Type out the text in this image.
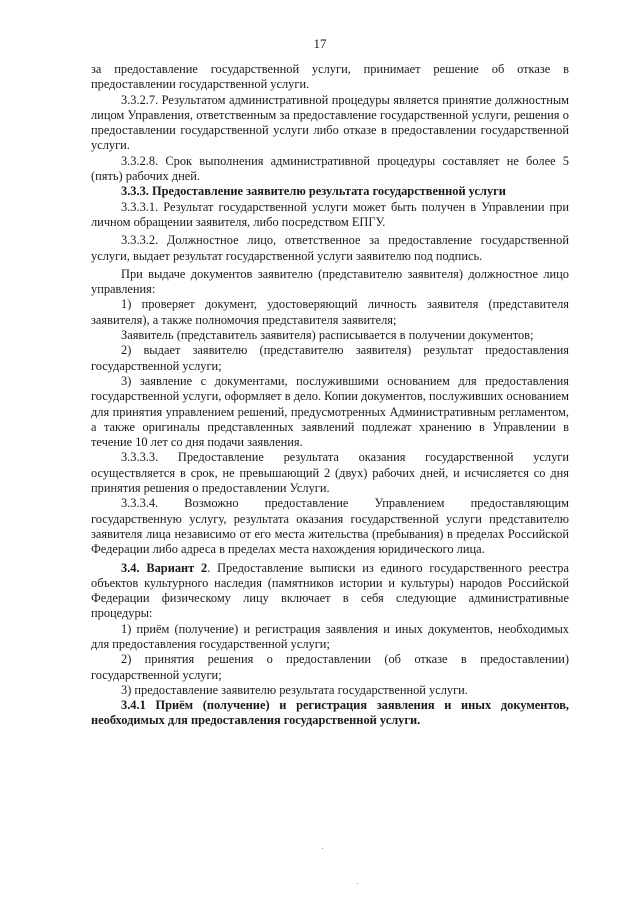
17

за предоставление государственной услуги, принимает решение об отказе в предоставлении государственной услуги.

3.3.2.7. Результатом административной процедуры является принятие должностным лицом Управления, ответственным за предоставление государственной услуги, решения о предоставлении государственной услуги либо отказе в предоставлении государственной услуги.

3.3.2.8. Срок выполнения административной процедуры составляет не более 5 (пять) рабочих дней.

3.3.3. Предоставление заявителю результата государственной услуги

3.3.3.1. Результат государственной услуги может быть получен в Управлении при личном обращении заявителя, либо посредством ЕПГУ.

3.3.3.2. Должностное лицо, ответственное за предоставление государственной услуги, выдает результат государственной услуги заявителю под подпись.

При выдаче документов заявителю (представителю заявителя) должностное лицо управления:

1) проверяет документ, удостоверяющий личность заявителя (представителя заявителя), а также полномочия представителя заявителя;

Заявитель (представитель заявителя) расписывается в получении документов;

2) выдает заявителю (представителю заявителя) результат предоставления государственной услуги;

3) заявление с документами, послужившими основанием для предоставления государственной услуги, оформляет в дело. Копии документов, послуживших основанием для принятия управлением решений, предусмотренных Административным регламентом, а также оригиналы представленных заявлений подлежат хранению в Управлении в течение 10 лет со дня подачи заявления.

3.3.3.3. Предоставление результата оказания государственной услуги осуществляется в срок, не превышающий 2 (двух) рабочих дней, и исчисляется со дня принятия решения о предоставлении Услуги.

3.3.3.4. Возможно предоставление Управлением предоставляющим государственную услугу, результата оказания государственной услуги представителю заявителя лица независимо от его места жительства (пребывания) в пределах Российской Федерации либо адреса в пределах места нахождения юридического лица.

3.4. Вариант 2. Предоставление выписки из единого государственного реестра объектов культурного наследия (памятников истории и культуры) народов Российской Федерации физическому лицу включает в себя следующие административные процедуры:

1) приём (получение) и регистрация заявления и иных документов, необходимых для предоставления государственной услуги;

2) принятия решения о предоставлении (об отказе в предоставлении) государственной услуги;

3) предоставление заявителю результата государственной услуги.

3.4.1 Приём (получение) и регистрация заявления и иных документов, необходимых для предоставления государственной услуги.
